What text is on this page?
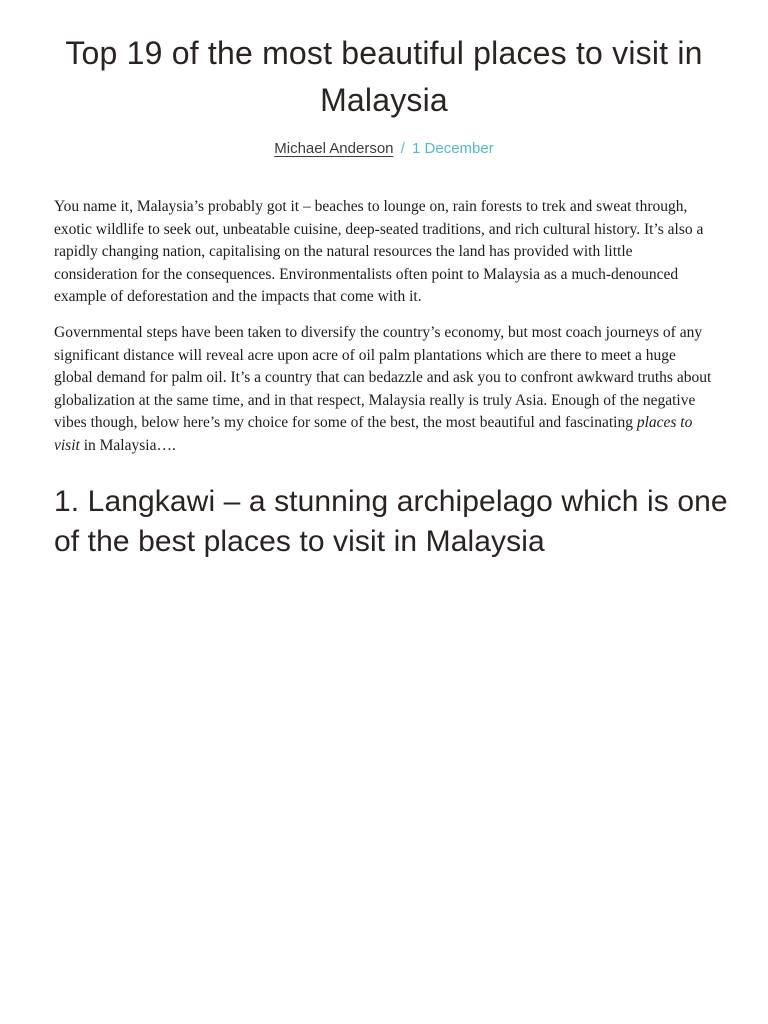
Top 19 of the most beautiful places to visit in Malaysia
Michael Anderson / 1 December

You name it, Malaysia’s probably got it – beaches to lounge on, rain forests to trek and sweat through, exotic wildlife to seek out, unbeatable cuisine, deep-seated traditions, and rich cultural history. It’s also a rapidly changing nation, capitalising on the natural resources the land has provided with little consideration for the consequences. Environmentalists often point to Malaysia as a much-denounced example of deforestation and the impacts that come with it.

Governmental steps have been taken to diversify the country’s economy, but most coach journeys of any significant distance will reveal acre upon acre of oil palm plantations which are there to meet a huge global demand for palm oil. It’s a country that can bedazzle and ask you to confront awkward truths about globalization at the same time, and in that respect, Malaysia really is truly Asia. Enough of the negative vibes though, below here’s my choice for some of the best, the most beautiful and fascinating places to visit in Malaysia….

1. Langkawi – a stunning archipelago which is one of the best places to visit in Malaysia
